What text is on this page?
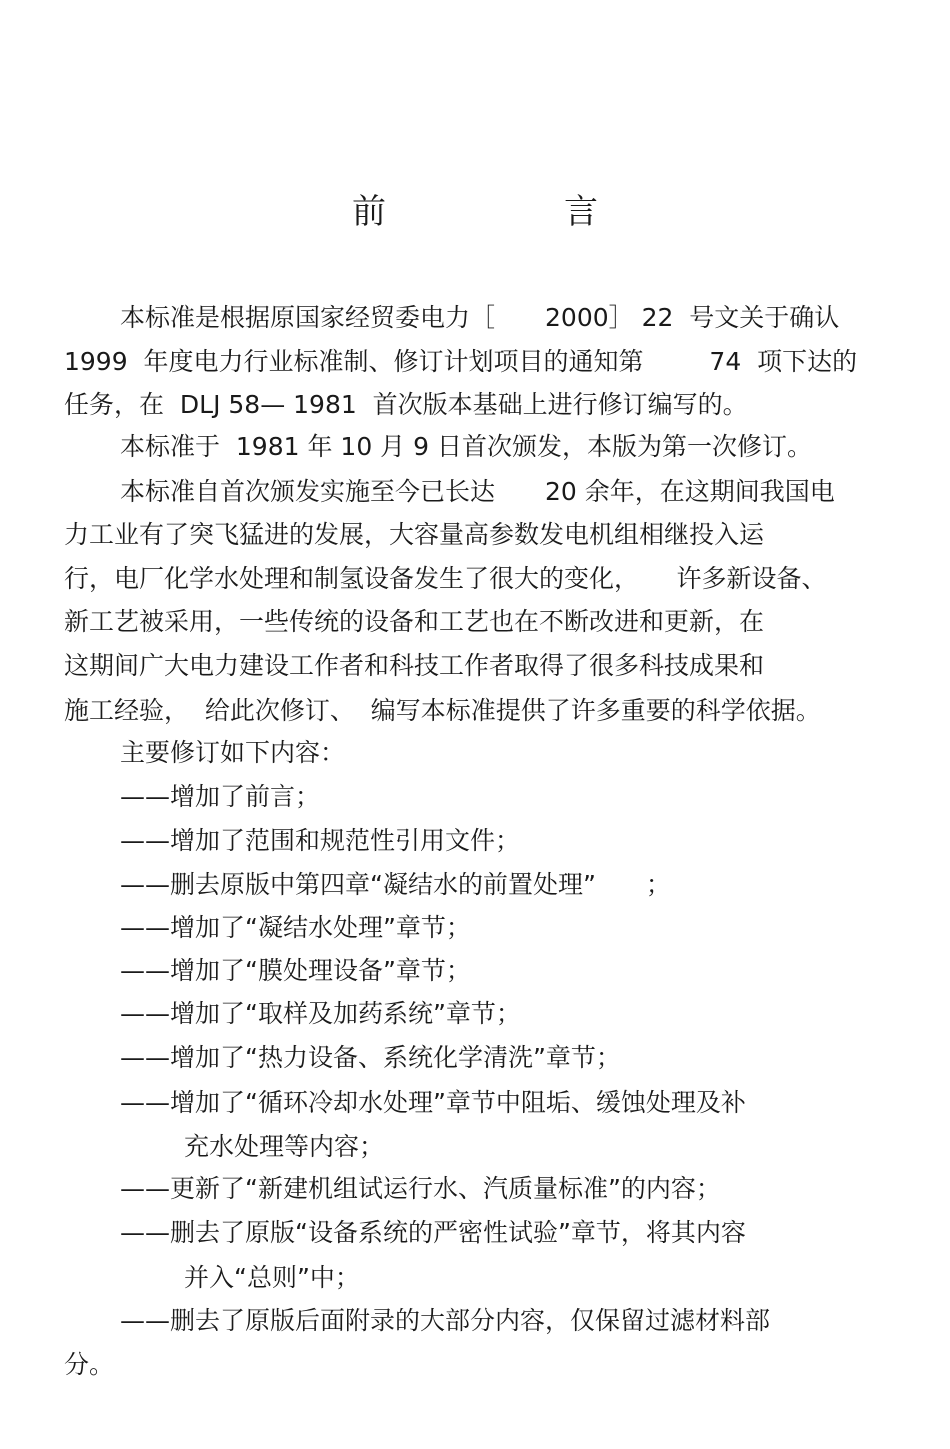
前　言
本标准是根据原国家经贸委电力［　　2000］ 22  号文关于确认
1999  年度电力行业标准制、修订计划项目的通知第　　  74  项下达的
任务，在  DLJ 58— 1981  首次版本基础上进行修订编写的。
本标准于  1981 年 10 月 9 日首次颁发，本版为第一次修订。
本标准自首次颁发实施至今已长达　　20 余年，在这期间我国电
力工业有了突飞猛进的发展，大容量高参数发电机组相继投入运
行，电厂化学水处理和制氢设备发生了很大的变化，　　许多新设备、
新工艺被采用，一些传统的设备和工艺也在不断改进和更新，在
这期间广大电力建设工作者和科技工作者取得了很多科技成果和
施工经验，  给此次修订、  编写本标准提供了许多重要的科学依据。
主要修订如下内容：
——增加了前言；
——增加了范围和规范性引用文件；
——删去原版中第四章“凝结水的前置处理”　　；
——增加了“凝结水处理”章节；
——增加了“膜处理设备”章节；
——增加了“取样及加药系统”章节；
——增加了“热力设备、系统化学清洗”章节；
——增加了“循环冷却水处理”章节中阻垢、缓蚀处理及补
充水处理等内容；
——更新了“新建机组试运行水、汽质量标准”的内容；
——删去了原版“设备系统的严密性试验”章节，将其内容
并入“总则”中；
——删去了原版后面附录的大部分内容，仅保留过滤材料部
分。
